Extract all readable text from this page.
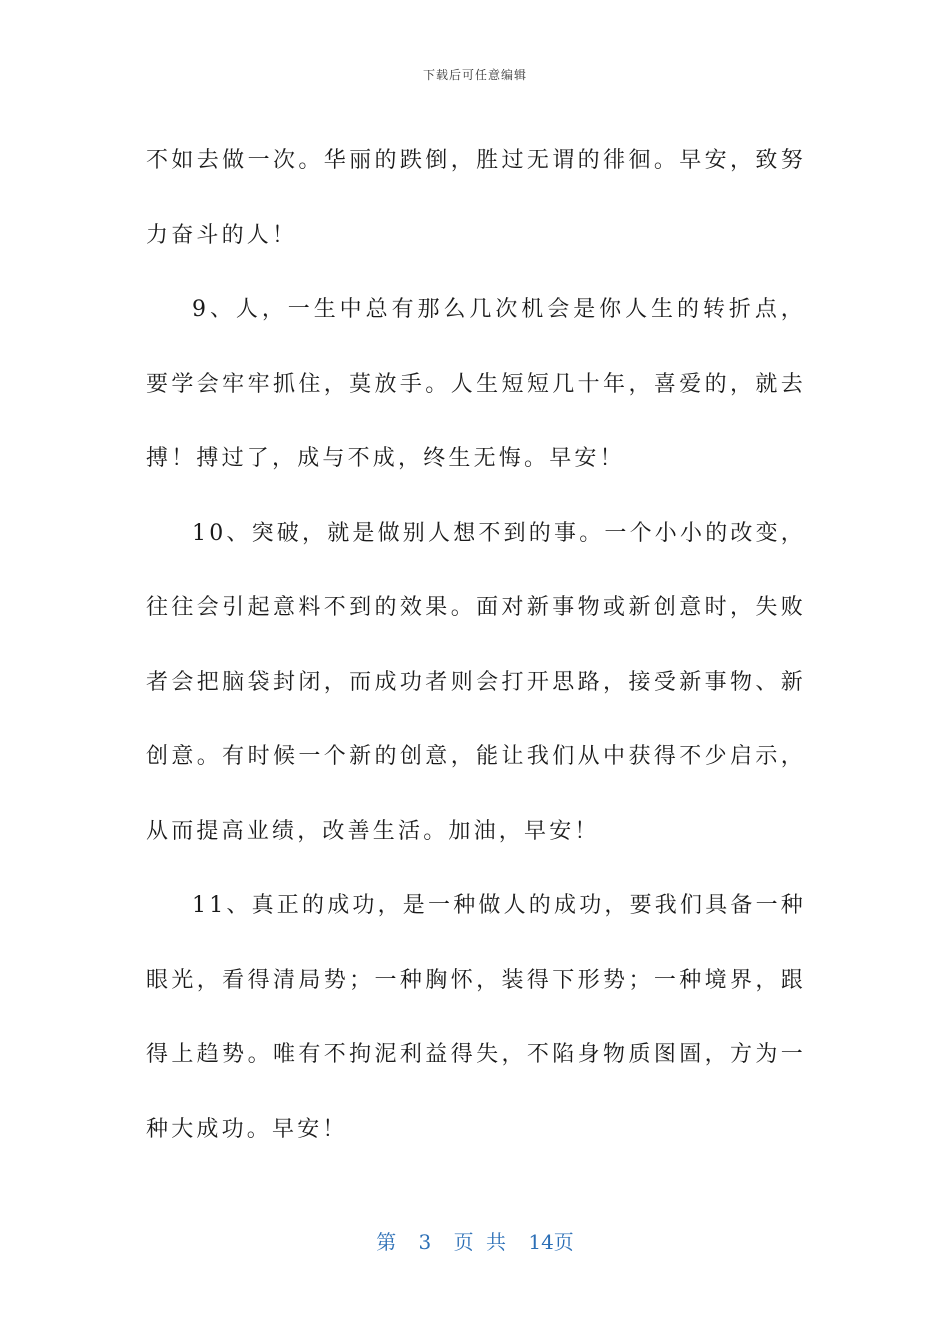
下载后可任意编辑

不如去做一次。华丽的跌倒，胜过无谓的徘徊。早安，致努力奋斗的人！

9、人，一生中总有那么几次机会是你人生的转折点，要学会牢牢抓住，莫放手。人生短短几十年，喜爱的，就去搏！搏过了，成与不成，终生无悔。早安！

10、突破，就是做别人想不到的事。一个小小的改变，往往会引起意料不到的效果。面对新事物或新创意时，失败者会把脑袋封闭，而成功者则会打开思路，接受新事物、新创意。有时候一个新的创意，能让我们从中获得不少启示，从而提高业绩，改善生活。加油，早安！

11、真正的成功，是一种做人的成功，要我们具备一种眼光，看得清局势；一种胸怀，装得下形势；一种境界，跟得上趋势。唯有不拘泥利益得失，不陷身物质图圄，方为一种大成功。早安！

第 3 页 共 14页
